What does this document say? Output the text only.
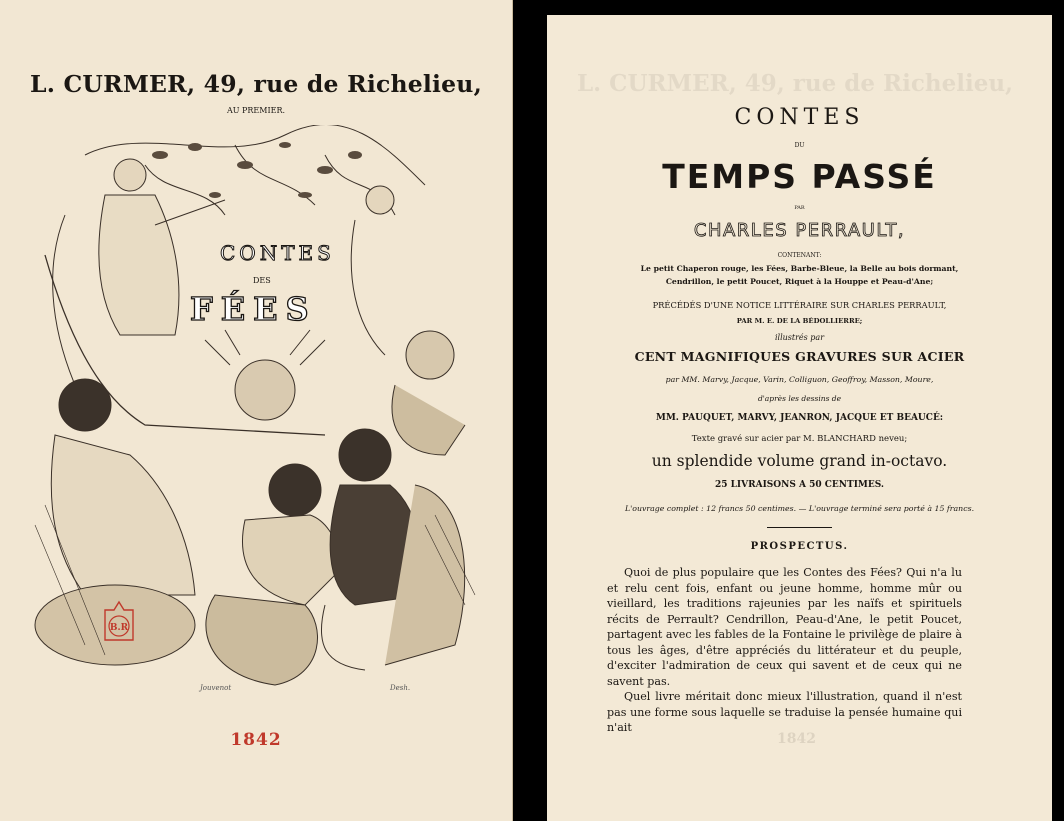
L. CURMER, 49, rue de Richelieu,
AU PREMIER.
CONTES
DES
FÉES
B.R
Jouvenot	Desh.
1842
L. CURMER, 49, rue de Richelieu,
CONTES
DU
TEMPS PASSÉ
PAR
CHARLES PERRAULT,
CONTENANT:
Le petit Chaperon rouge, les Fées, Barbe-Bleue, la Belle au bois dormant,
Cendrillon, le petit Poucet, Riquet à la Houppe et Peau-d'Ane;
PRÉCÉDÉS D'UNE NOTICE LITTÉRAIRE SUR CHARLES PERRAULT,
PAR M. E. DE LA BÉDOLLIERRE;
illustrés par
CENT MAGNIFIQUES GRAVURES SUR ACIER
par MM. Marvy, Jacque, Varin, Colliguon, Geoffroy, Masson, Moure,
d'après les dessins de
MM. PAUQUET, MARVY, JEANRON, JACQUE ET BEAUCÉ:
Texte gravé sur acier par M. BLANCHARD neveu;
un splendide volume grand in-octavo.
25 LIVRAISONS A 50 CENTIMES.
L'ouvrage complet : 12 francs 50 centimes. — L'ouvrage terminé sera porté à 15 francs.
PROSPECTUS.

Quoi de plus populaire que les Contes des Fées? Qui n'a lu et relu cent fois, enfant ou jeune homme, homme mûr ou vieillard, les traditions rajeunies par les naïfs et spirituels récits de Perrault? Cendrillon, Peau-d'Ane, le petit Poucet, partagent avec les fables de la Fontaine le privilège de plaire à tous les âges, d'être appréciés du littérateur et du peuple, d'exciter l'admiration de ceux qui savent et de ceux qui ne savent pas.

Quel livre méritait donc mieux l'illustration, quand il n'est pas une forme sous laquelle se traduise la pensée humaine qui n'ait

1842
